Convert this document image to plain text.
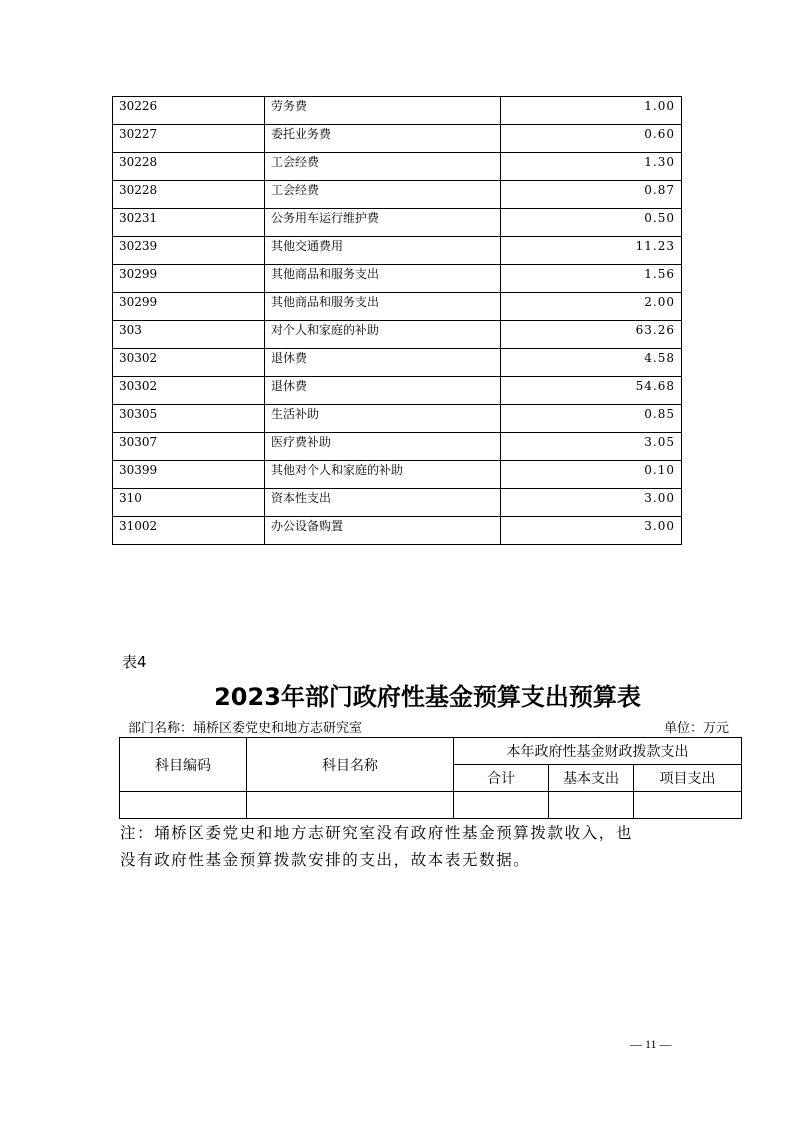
30226	劳务费	1.00
30227	委托业务费	0.60
30228	工会经费	1.30
30228	工会经费	0.87
30231	公务用车运行维护费	0.50
30239	其他交通费用	11.23
30299	其他商品和服务支出	1.56
30299	其他商品和服务支出	2.00
303	对个人和家庭的补助	63.26
30302	退休费	4.58
30302	退休费	54.68
30305	生活补助	0.85
30307	医疗费补助	3.05
30399	其他对个人和家庭的补助	0.10
310	资本性支出	3.00
31002	办公设备购置	3.00
表4
2023年部门政府性基金预算支出预算表
部门名称：埇桥区委党史和地方志研究室	单位：万元
科目编码	科目名称	本年政府性基金财政拨款支出		
		合计	基本支出	项目支出

注：埇桥区委党史和地方志研究室没有政府性基金预算拨款收入，也
没有政府性基金预算拨款安排的支出，故本表无数据。
— 11 —
